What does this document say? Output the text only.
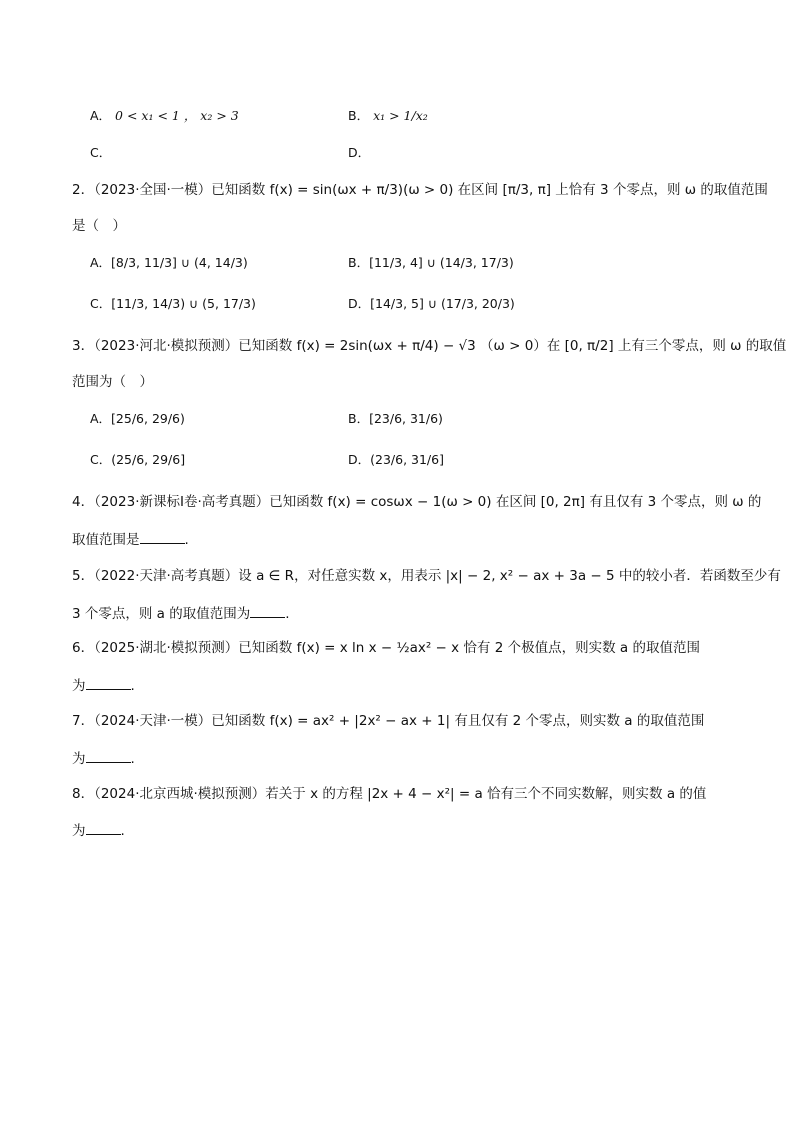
A． 0 < x₁ < 1 ， x₂ > 3	B． x₁ > 1/x₂
C．	D．
2．（2023·全国·一模）已知函数 f(x) = sin(ωx + π/3)(ω > 0) 在区间 [π/3, π] 上恰有 3 个零点，则 ω 的取值范围
是（　）
A．[8/3, 11/3] ∪ (4, 14/3)	B．[11/3, 4] ∪ (14/3, 17/3)
C．[11/3, 14/3) ∪ (5, 17/3)	D．[14/3, 5] ∪ (17/3, 20/3)
3．（2023·河北·模拟预测）已知函数 f(x) = 2sin(ωx + π/4) − √3 （ω > 0）在 [0, π/2] 上有三个零点，则 ω 的取值
范围为（　）
A．[25/6, 29/6)	B．[23/6, 31/6)
C．(25/6, 29/6]	D．(23/6, 31/6]
4．（2023·新课标Ⅰ卷·高考真题）已知函数 f(x) = cosωx − 1(ω > 0) 在区间 [0, 2π] 有且仅有 3 个零点，则 ω 的
取值范围是	.
5．（2022·天津·高考真题）设 a ∈ R，对任意实数 x，用表示 |x| − 2, x² − ax + 3a − 5 中的较小者．若函数至少有
3 个零点，则 a 的取值范围为	.
6．（2025·湖北·模拟预测）已知函数 f(x) = x ln x − ½ax² − x 恰有 2 个极值点，则实数 a 的取值范围
为	.
7．（2024·天津·一模）已知函数 f(x) = ax² + |2x² − ax + 1| 有且仅有 2 个零点，则实数 a 的取值范围
为	.
8．（2024·北京西城·模拟预测）若关于 x 的方程 |2x + 4 − x²| = a 恰有三个不同实数解，则实数 a 的值
为	.
